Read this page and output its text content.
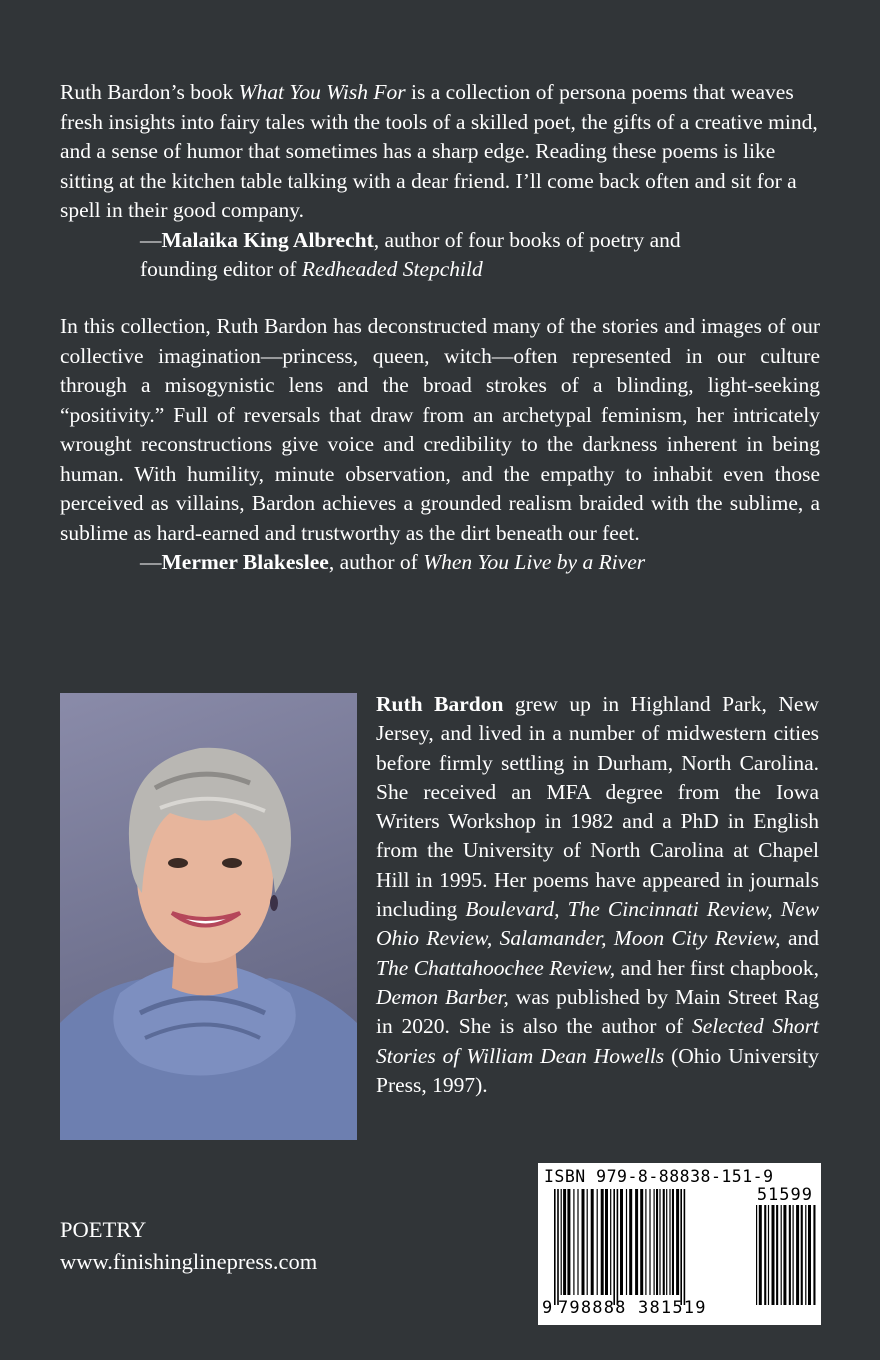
Ruth Bardon’s book What You Wish For is a collection of persona poems that weaves fresh insights into fairy tales with the tools of a skilled poet, the gifts of a creative mind, and a sense of humor that sometimes has a sharp edge. Reading these poems is like sitting at the kitchen table talking with a dear friend. I’ll come back often and sit for a spell in their good company.
—Malaika King Albrecht, author of four books of poetry and
founding editor of Redheaded Stepchild
In this collection, Ruth Bardon has deconstructed many of the stories and images of our collective imagination—princess, queen, witch—often represented in our culture through a misogynistic lens and the broad strokes of a blinding, light-seeking “positivity.” Full of reversals that draw from an archetypal feminism, her intricately wrought reconstructions give voice and credibility to the darkness inherent in being human. With humility, minute observation, and the empathy to inhabit even those perceived as villains, Bardon achieves a grounded realism braided with the sublime, a sublime as hard-earned and trustworthy as the dirt beneath our feet.
—Mermer Blakeslee, author of When You Live by a River
Ruth Bardon grew up in Highland Park, New Jersey, and lived in a number of midwestern cities before firmly settling in Durham, North Carolina. She received an MFA degree from the Iowa Writers Workshop in 1982 and a PhD in English from the University of North Carolina at Chapel Hill in 1995. Her poems have appeared in journals including Boulevard, The Cincinnati Review, New Ohio Review, Salamander, Moon City Review, and The Chattahoochee Review, and her first chapbook, Demon Barber, was published by Main Street Rag in 2020. She is also the author of Selected Short Stories of William Dean Howells (Ohio University Press, 1997).
POETRY
www.finishinglinepress.com
ISBN 979-8-88838-151-9
51599
9 798888 381519
